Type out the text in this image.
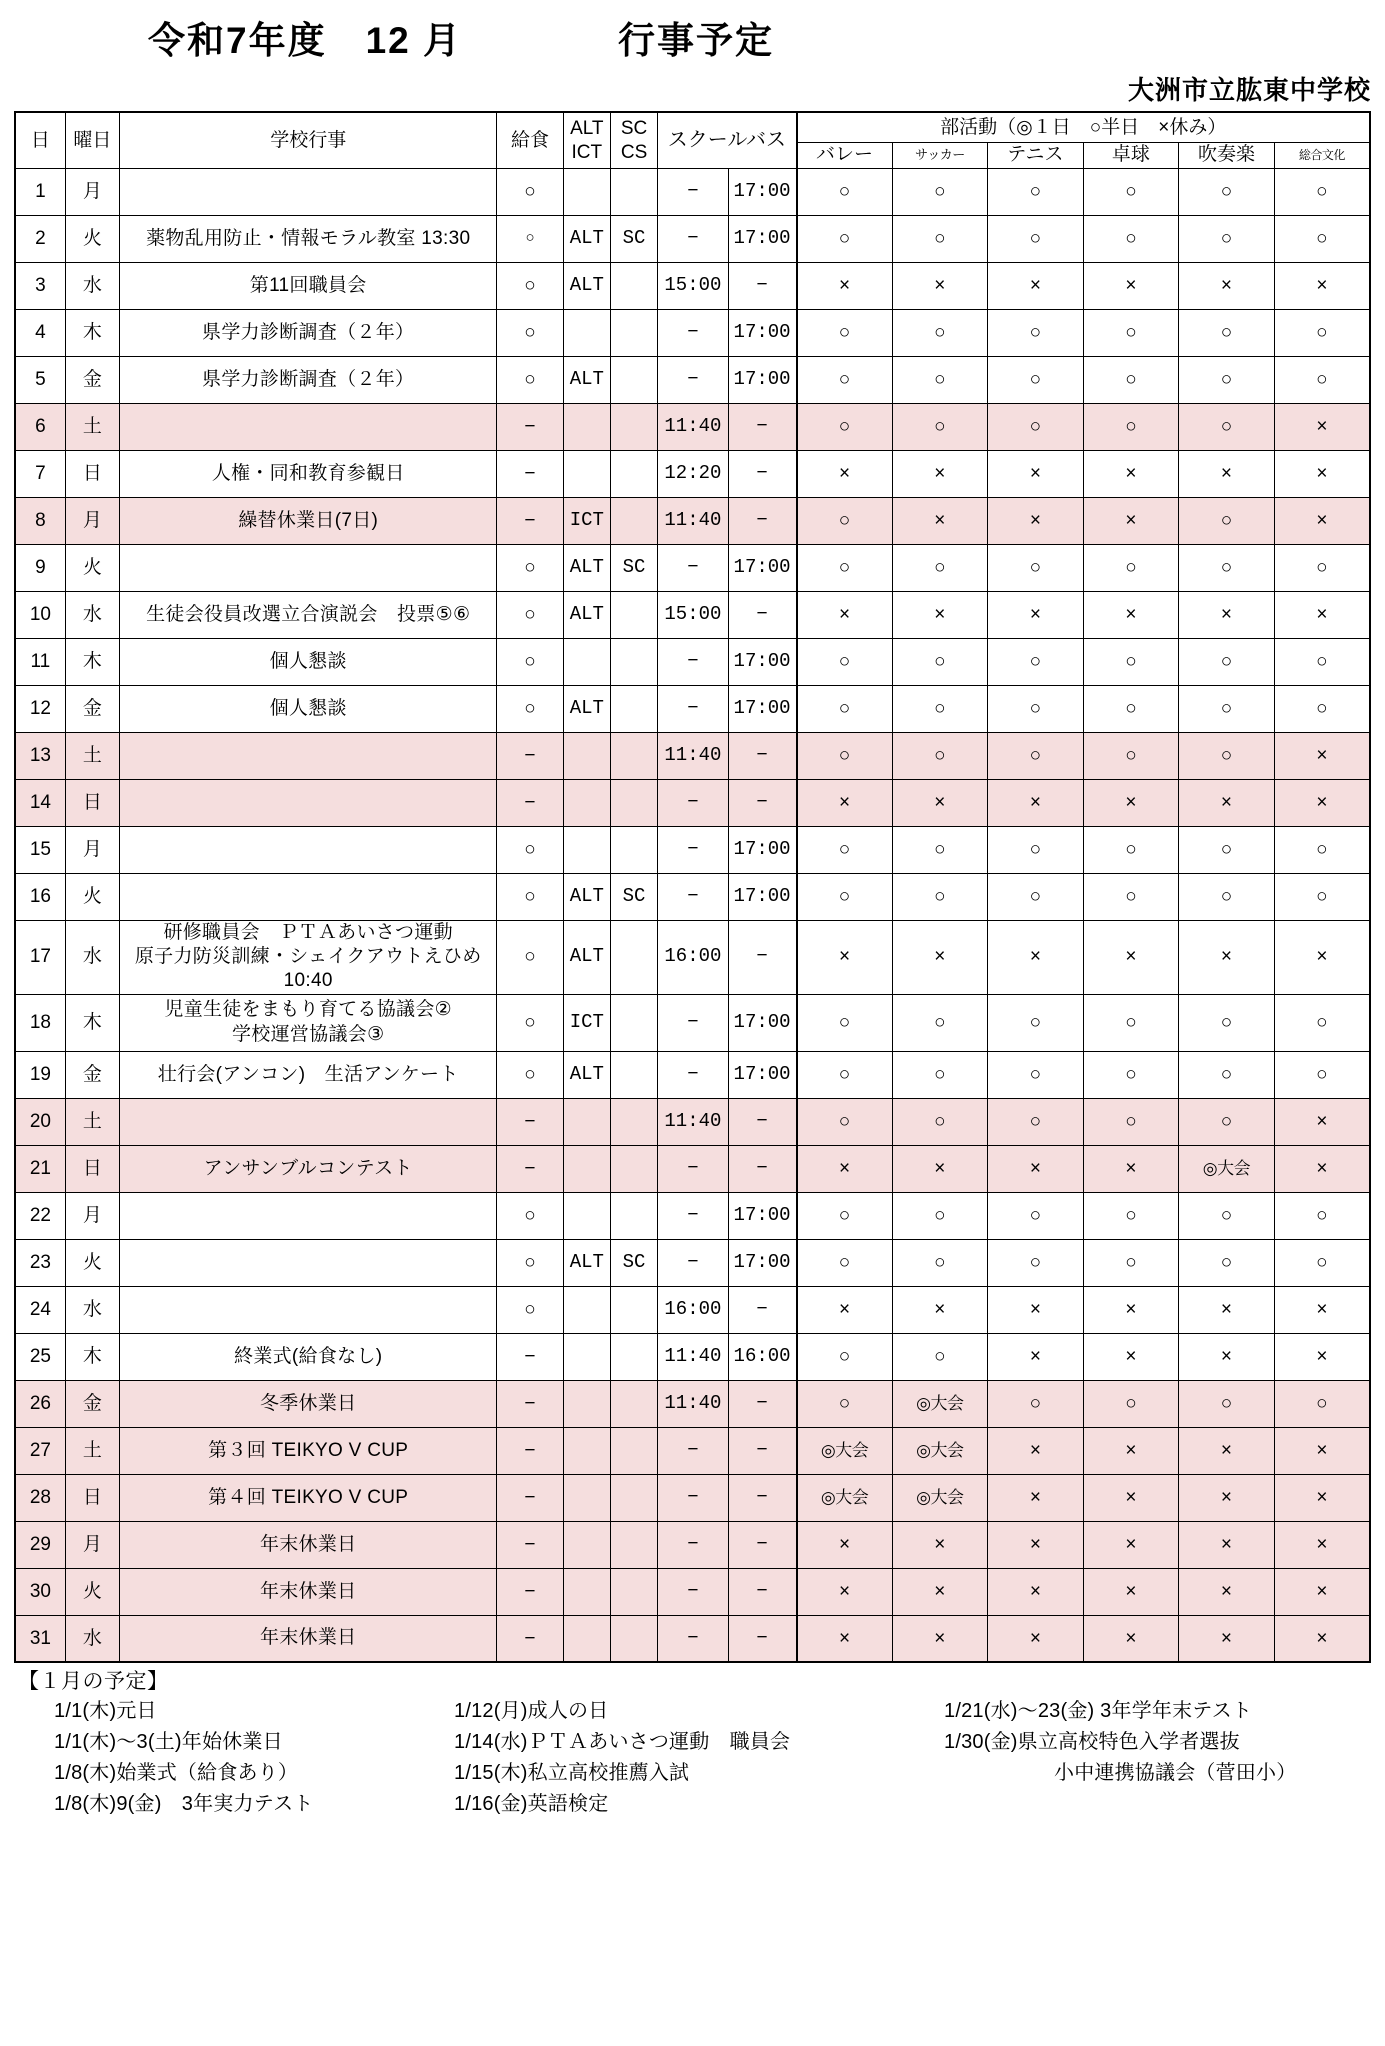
令和7年度　12 月　　　　行事予定
大洲市立肱東中学校
日	曜日	学校行事	給食	ALT
ICT	SC
CS	スクールバス		部活動（◎１日　○半日　×休み）					
								バレー	サッカー	テニス	卓球	吹奏楽	総合文化
1	月		○			−	17:00	○	○	○	○	○	○
2	火	薬物乱用防止・情報モラル教室 13:30	○	ALT	SC	−	17:00	○	○	○	○	○	○
3	水	第11回職員会	○	ALT		15:00	−	×	×	×	×	×	×
4	木	県学力診断調査（２年）	○			−	17:00	○	○	○	○	○	○
5	金	県学力診断調査（２年）	○	ALT		−	17:00	○	○	○	○	○	○
6	土		−			11:40	−	○	○	○	○	○	×
7	日	人権・同和教育参観日	−			12:20	−	×	×	×	×	×	×
8	月	繰替休業日(7日)	−	ICT		11:40	−	○	×	×	×	○	×
9	火		○	ALT	SC	−	17:00	○	○	○	○	○	○
10	水	生徒会役員改選立合演説会　投票⑤⑥	○	ALT		15:00	−	×	×	×	×	×	×
11	木	個人懇談	○			−	17:00	○	○	○	○	○	○
12	金	個人懇談	○	ALT		−	17:00	○	○	○	○	○	○
13	土		−			11:40	−	○	○	○	○	○	×
14	日		−			−	−	×	×	×	×	×	×
15	月		○			−	17:00	○	○	○	○	○	○
16	火		○	ALT	SC	−	17:00	○	○	○	○	○	○
17	水	研修職員会　ＰＴＡあいさつ運動
原子力防災訓練・シェイクアウトえひめ 10:40	○	ALT		16:00	−	×	×	×	×	×	×
18	木	児童生徒をまもり育てる協議会②
学校運営協議会③	○	ICT		−	17:00	○	○	○	○	○	○
19	金	壮行会(アンコン)　生活アンケート	○	ALT		−	17:00	○	○	○	○	○	○
20	土		−			11:40	−	○	○	○	○	○	×
21	日	アンサンブルコンテスト	−			−	−	×	×	×	×	◎大会	×
22	月		○			−	17:00	○	○	○	○	○	○
23	火		○	ALT	SC	−	17:00	○	○	○	○	○	○
24	水		○			16:00	−	×	×	×	×	×	×
25	木	終業式(給食なし)	−			11:40	16:00	○	○	×	×	×	×
26	金	冬季休業日	−			11:40	−	○	◎大会	○	○	○	○
27	土	第３回 TEIKYO V CUP	−			−	−	◎大会	◎大会	×	×	×	×
28	日	第４回 TEIKYO V CUP	−			−	−	◎大会	◎大会	×	×	×	×
29	月	年末休業日	−			−	−	×	×	×	×	×	×
30	火	年末休業日	−			−	−	×	×	×	×	×	×
31	水	年末休業日	−			−	−	×	×	×	×	×	×
【１月の予定】
1/1(木)元日
1/1(木)～3(土)年始休業日
1/8(木)始業式（給食あり）
1/8(木)9(金)　3年実力テスト
1/12(月)成人の日
1/14(水)ＰＴＡあいさつ運動　職員会
1/15(木)私立高校推薦入試
1/16(金)英語検定
1/21(水)～23(金) 3年学年末テスト
1/30(金)県立高校特色入学者選抜
小中連携協議会（菅田小）
